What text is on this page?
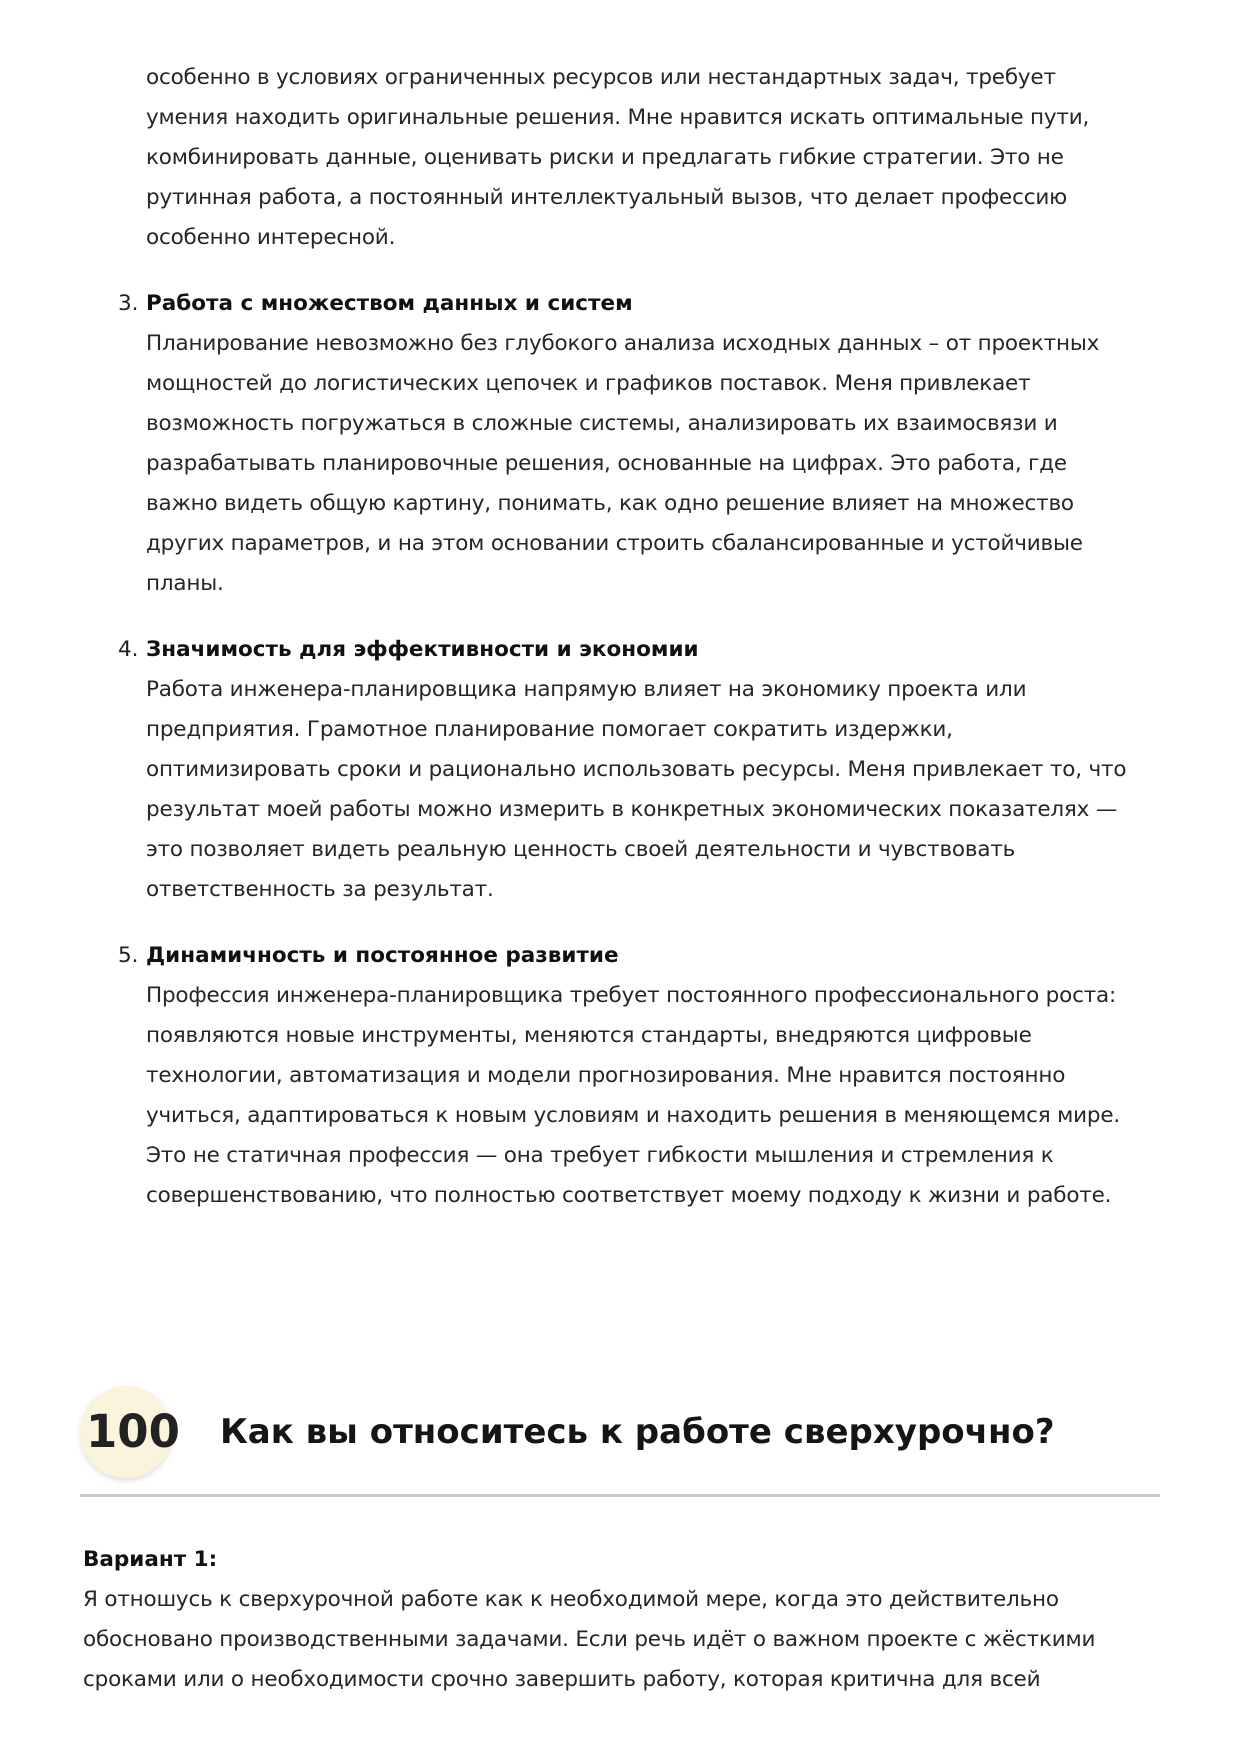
особенно в условиях ограниченных ресурсов или нестандартных задач, требует
умения находить оригинальные решения. Мне нравится искать оптимальные пути,
комбинировать данные, оценивать риски и предлагать гибкие стратегии. Это не
рутинная работа, а постоянный интеллектуальный вызов, что делает профессию
особенно интересной.
3. Работа с множеством данных и систем
Планирование невозможно без глубокого анализа исходных данных – от проектных
мощностей до логистических цепочек и графиков поставок. Меня привлекает
возможность погружаться в сложные системы, анализировать их взаимосвязи и
разрабатывать планировочные решения, основанные на цифрах. Это работа, где
важно видеть общую картину, понимать, как одно решение влияет на множество
других параметров, и на этом основании строить сбалансированные и устойчивые
планы.
4. Значимость для эффективности и экономии
Работа инженера-планировщика напрямую влияет на экономику проекта или
предприятия. Грамотное планирование помогает сократить издержки,
оптимизировать сроки и рационально использовать ресурсы. Меня привлекает то, что
результат моей работы можно измерить в конкретных экономических показателях —
это позволяет видеть реальную ценность своей деятельности и чувствовать
ответственность за результат.
5. Динамичность и постоянное развитие
Профессия инженера-планировщика требует постоянного профессионального роста:
появляются новые инструменты, меняются стандарты, внедряются цифровые
технологии, автоматизация и модели прогнозирования. Мне нравится постоянно
учиться, адаптироваться к новым условиям и находить решения в меняющемся мире.
Это не статичная профессия — она требует гибкости мышления и стремления к
совершенствованию, что полностью соответствует моему подходу к жизни и работе.
100 Как вы относитесь к работе сверхурочно?
Вариант 1:
Я отношусь к сверхурочной работе как к необходимой мере, когда это действительно
обосновано производственными задачами. Если речь идёт о важном проекте с жёсткими
сроками или о необходимости срочно завершить работу, которая критична для всей
